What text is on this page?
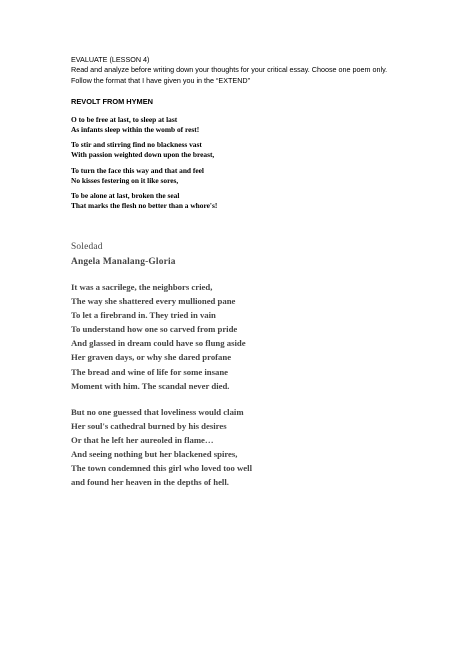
EVALUATE (LESSON 4)
Read and analyze before writing down your thoughts for your critical essay. Choose one poem only.
Follow the format that I have given you in the “EXTEND”
REVOLT FROM HYMEN
O to be free at last, to sleep at last
As infants sleep within the womb of rest!
To stir and stirring find no blackness vast
With passion weighted down upon the breast,
To turn the face this way and that and feel
No kisses festering on it like sores,
To be alone at last, broken the seal
That marks the flesh no better than a whore's!
Soledad
Angela Manalang-Gloria
It was a sacrilege, the neighbors cried,
The way she shattered every mullioned pane
To let a firebrand in. They tried in vain
To understand how one so carved from pride
And glassed in dream could have so flung aside
Her graven days, or why she dared profane
The bread and wine of life for some insane
Moment with him. The scandal never died.
But no one guessed that loveliness would claim
Her soul's cathedral burned by his desires
Or that he left her aureoled in flame…
And seeing nothing but her blackened spires,
The town condemned this girl who loved too well
and found her heaven in the depths of hell.
